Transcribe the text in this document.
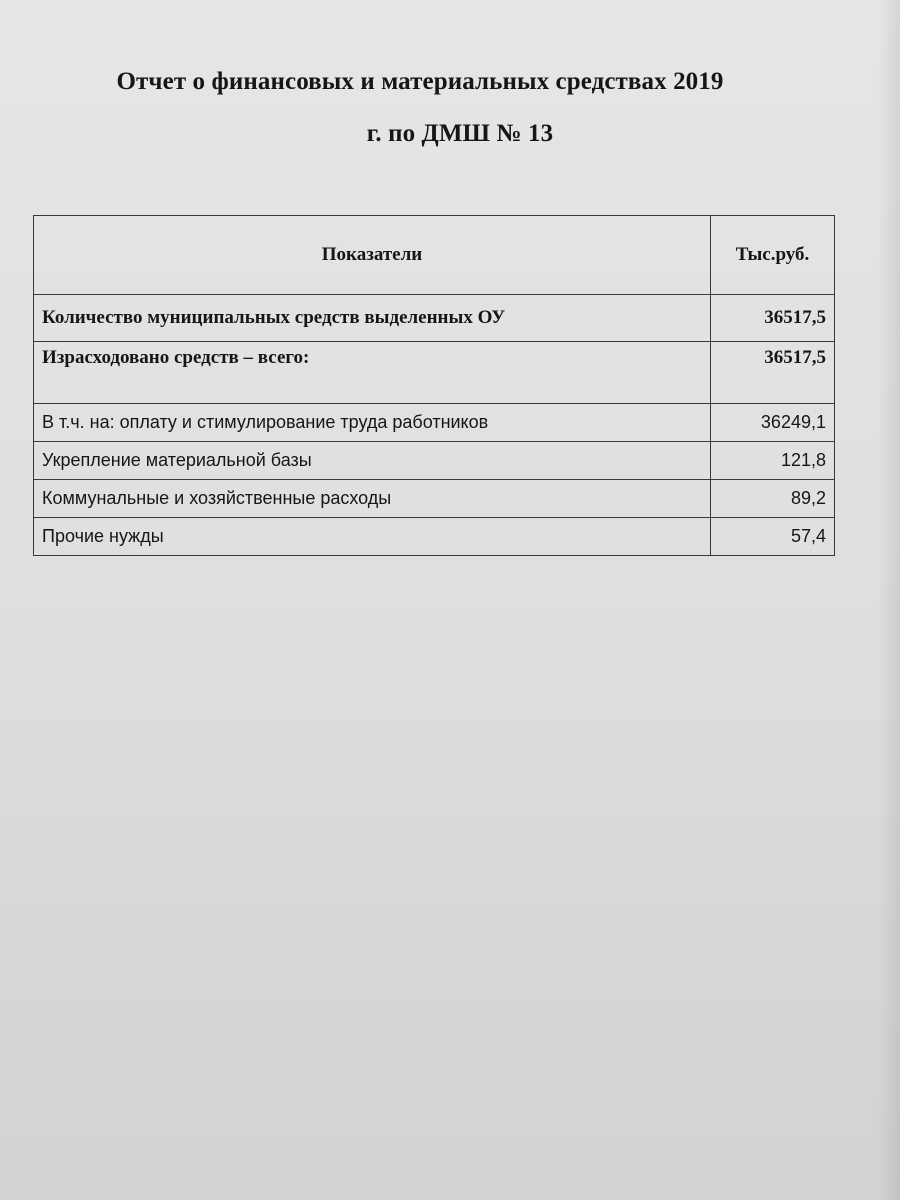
Отчет о финансовых и материальных средствах 2019
г. по ДМШ № 13
Показатели	Тыс.руб.
Количество муниципальных средств выделенных ОУ	36517,5
Израсходовано средств – всего:	36517,5
В т.ч. на: оплату и стимулирование труда работников	36249,1
Укрепление материальной базы	121,8
Коммунальные и хозяйственные расходы	89,2
Прочие нужды	57,4
